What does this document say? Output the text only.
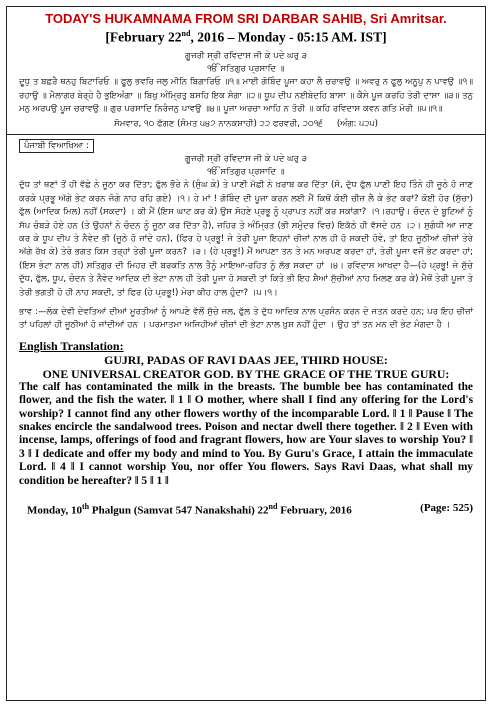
TODAY'S HUKAMNAMA FROM SRI DARBAR SAHIB, Sri Amritsar.
[February 22nd, 2016 – Monday - 05:15 AM. IST]
ਗੂਜਰੀ ਸ੍ਰੀ ਰਵਿਦਾਸ ਜੀ ਕੇ ਪਦੇ ਘਰੁ ੩
ੴ ਸਤਿਗੁਰ ਪ੍ਰਸਾਦਿ ॥
ਦੂਧੁ ਤ ਬਛਰੈ ਥਨਹੁ ਬਿਟਾਰਿਓ ॥ ਫੂਲੁ ਭਵਰਿ ਜਲੁ ਮੀਨਿ ਬਿਗਾਰਿਓ ॥੧॥ ਮਾਈ ਗੋਬਿੰਦ ਪੂਜਾ ਕਹਾ ਲੈ ਚਰਾਵਉ ॥ ਅਵਰੁ ਨ ਫੂਲੁ ਅਨੂਪੁ ਨ ਪਾਵਉ ॥੧॥ ਰਹਾਉ ॥ ਮੈਲਾਗਰ ਬੇਰ੍ਹੇ ਹੈ ਭੁਇਅੰਗਾ ॥ ਬਿਖੁ ਅੰਮ੍ਰਿਤੁ ਬਸਹਿ ਇਕ ਸੰਗਾ ॥੨॥ ਧੂਪ ਦੀਪ ਨਈਬੇਦਹਿ ਬਾਸਾ ॥ ਕੈਸੇ ਪੂਜ ਕਰਹਿ ਤੇਰੀ ਦਾਸਾ ॥੩॥ ਤਨੁ ਮਨੁ ਅਰਪਉ ਪੂਜ ਚਰਾਵਉ ॥ ਗੁਰ ਪਰਸਾਦਿ ਨਿਰੰਜਨੁ ਪਾਵਉ ॥੪॥ ਪੂਜਾ ਅਰਚਾ ਆਹਿ ਨ ਤੋਰੀ ॥ ਕਹਿ ਰਵਿਦਾਸ ਕਵਨ ਗਤਿ ਮੋਰੀ ॥੫॥੧॥
ਸੋਮਵਾਰ, ੧੦ ਫੱਗਣ (ਸੰਮਤ ੫੪੭ ਨਾਨਕਸ਼ਾਹੀ) ੨੨ ਫਰਵਰੀ, ੨੦੧੬ (ਅੰਗ: ੫੨੫)
ਪੰਜਾਬੀ ਵਿਆਖਿਆ :
ਗੂਜਰੀ ਸ੍ਰੀ ਰਵਿਦਾਸ ਜੀ ਕੇ ਪਦੇ ਘਰੁ ੩
ੴ ਸਤਿਗੁਰ ਪ੍ਰਸਾਦਿ ॥
ਦੁੱਧ ਤਾਂ ਥਣਾਂ ਤੋਂ ਹੀ ਵੱਛੇ ਨੇ ਜੂਠਾ ਕਰ ਦਿੱਤਾ; ਫੁੱਲ ਭੌਰੇ ਨੇ (ਸੁੰਘ ਕੇ) ਤੇ ਪਾਣੀ ਮੱਛੀ ਨੇ ਖ਼ਰਾਬ ਕਰ ਦਿੱਤਾ (ਸੋ, ਦੁੱਧ ਫੁੱਲ ਪਾਣੀ ਇਹ ਤਿੰਨੇ ਹੀ ਜੂਠੇ ਹੋ ਜਾਣ ਕਰਕੇ ਪ੍ਰਭੂ ਅੱਗੇ ਭੇਟ ਕਰਨ ਜੋਗੇ ਨਾਹ ਰਹਿ ਗਏ) ।੧। ਹੇ ਮਾਂ ! ਗੋਬਿੰਦ ਦੀ ਪੂਜਾ ਕਰਨ ਲਈ ਮੈਂ ਕਿਥੋਂ ਕੋਈ ਚੀਜ਼ ਲੈ ਕੇ ਭੇਟ ਕਰਾਂ? ਕੋਈ ਹੋਰ (ਸੁੱਚਾ) ਫੁੱਲ (ਆਦਿਕ ਮਿਲ) ਨਹੀਂ (ਸਕਦਾ) । ਕੀ ਮੈਂ (ਇਸ ਘਾਟ ਕਰ ਕੇ) ਉਸ ਸੋਹਣੇ ਪ੍ਰਭੂ ਨੂੰ ਪ੍ਰਾਪਤ ਨਹੀਂ ਕਰ ਸਕਾਂਗਾ? ।੧।ਰਹਾਉ। ਚੰਦਨ ਦੇ ਬੂਟਿਆਂ ਨੂੰ ਸੱਪ ਚੰਬੜੇ ਹੋਏ ਹਨ (ਤੇ ਉਹਨਾਂ ਨੇ ਚੰਦਨ ਨੂੰ ਜੂਠਾ ਕਰ ਦਿੱਤਾ ਹੈ), ਜ਼ਹਿਰ ਤੇ ਅੰਮ੍ਰਿਤ (ਭੀ ਸਮੁੰਦਰ ਵਿਚ) ਇਕੱਠੇ ਹੀ ਵੱਸਦੇ ਹਨ ।੨। ਸੁਗੰਧੀ ਆ ਜਾਣ ਕਰ ਕੇ ਧੂਪ ਦੀਪ ਤੇ ਨੈਵੇਦ ਭੀ (ਜੂਠੇ ਹੋ ਜਾਂਦੇ ਹਨ), (ਫਿਰ ਹੇ ਪ੍ਰਭੂ! ਜੇ ਤੇਰੀ ਪੂਜਾ ਇਹਨਾਂ ਚੀਜ਼ਾਂ ਨਾਲ ਹੀ ਹੋ ਸਕਦੀ ਹੋਵੇ, ਤਾਂ ਇਹ ਜੂਠੀਆਂ ਚੀਜ਼ਾਂ ਤੇਰੇ ਅੱਗੇ ਰੱਖ ਕੇ) ਤੇਰੇ ਭਗਤ ਕਿਸ ਤਰ੍ਹਾਂ ਤੇਰੀ ਪੂਜਾ ਕਰਨ? ।੩। (ਹੇ ਪ੍ਰਭੂ!) ਮੈਂ ਆਪਣਾ ਤਨ ਤੇ ਮਨ ਅਰਪਣ ਕਰਦਾ ਹਾਂ, ਤੇਰੀ ਪੂਜਾ ਵਜੋਂ ਭੇਟ ਕਰਦਾ ਹਾਂ; (ਇਸ ਭੇਟਾ ਨਾਲ ਹੀ) ਸਤਿਗੁਰ ਦੀ ਮਿਹਰ ਦੀ ਬਰਕਤਿ ਨਾਲ ਤੈਨੂੰ ਮਾਇਆ-ਰਹਿਤ ਨੂੰ ਲੱਭ ਸਕਦਾ ਹਾਂ ।੪। ਰਵਿਦਾਸ ਆਖਦਾ ਹੈ—(ਹੇ ਪ੍ਰਭੂ! ਜੇ ਸੁੱਚੇ ਦੁੱਧ, ਫੁੱਲ, ਧੂਪ, ਚੰਦਨ ਤੇ ਨੈਵੇਦ ਆਦਿਕ ਦੀ ਭੇਟਾ ਨਾਲ ਹੀ ਤੇਰੀ ਪੂਜਾ ਹੋ ਸਕਦੀ ਤਾਂ ਕਿਤੇ ਭੀ ਇਹ ਸ਼ੈਆਂ ਸੁੱਚੀਆਂ ਨਾਹ ਮਿਲਣ ਕਰ ਕੇ) ਮੈਥੋਂ ਤੇਰੀ ਪੂਜਾ ਤੇ ਤੇਰੀ ਭਗਤੀ ਹੋ ਹੀ ਨਾਹ ਸਕਦੀ, ਤਾਂ ਫਿਰ (ਹੇ ਪ੍ਰਭੂ!) ਮੇਰਾ ਕੀਹ ਹਾਲ ਹੁੰਦਾ? ।੫।੧।
ਭਾਵ :—ਲੋਕ ਦੇਵੀ ਦੇਵਤਿਆਂ ਦੀਆਂ ਮੂਰਤੀਆਂ ਨੂੰ ਆਪਣੇ ਵੱਲੋਂ ਸੁੱਚੇ ਜਲ, ਫੁੱਲ ਤੇ ਦੁੱਧ ਆਦਿਕ ਨਾਲ ਪ੍ਰਸੰਨ ਕਰਨ ਦੇ ਜਤਨ ਕਰਦੇ ਹਨ; ਪਰ ਇਹ ਚੀਜ਼ਾਂ ਤਾਂ ਪਹਿਲਾਂ ਹੀ ਜੂਠੀਆਂ ਹੋ ਜਾਂਦੀਆਂ ਹਨ । ਪਰਮਾਤਮਾ ਅਜਿਹੀਆਂ ਚੀਜ਼ਾਂ ਦੀ ਭੇਟਾ ਨਾਲ ਖ਼ੁਸ਼ ਨਹੀਂ ਹੁੰਦਾ । ਉਹ ਤਾਂ ਤਨ ਮਨ ਦੀ ਭੇਟ ਮੰਗਦਾ ਹੈ ।
English Translation:
GUJRI, PADAS OF RAVI DAAS JEE, THIRD HOUSE:
ONE UNIVERSAL CREATOR GOD. BY THE GRACE OF THE TRUE GURU:
The calf has contaminated the milk in the breasts. The bumble bee has contaminated the flower, and the fish the water. ‖ 1 ‖ O mother, where shall I find any offering for the Lord's worship? I cannot find any other flowers worthy of the incomparable Lord. ‖ 1 ‖ Pause ‖ The snakes encircle the sandalwood trees. Poison and nectar dwell there together. ‖ 2 ‖ Even with incense, lamps, offerings of food and fragrant flowers, how are Your slaves to worship You? ‖ 3 ‖ I dedicate and offer my body and mind to You. By Guru's Grace, I attain the immaculate Lord. ‖ 4 ‖ I cannot worship You, nor offer You flowers. Says Ravi Daas, what shall my condition be hereafter? ‖ 5 ‖ 1 ‖
Monday, 10th Phalgun (Samvat 547 Nanakshahi) 22nd February, 2016	(Page: 525)
